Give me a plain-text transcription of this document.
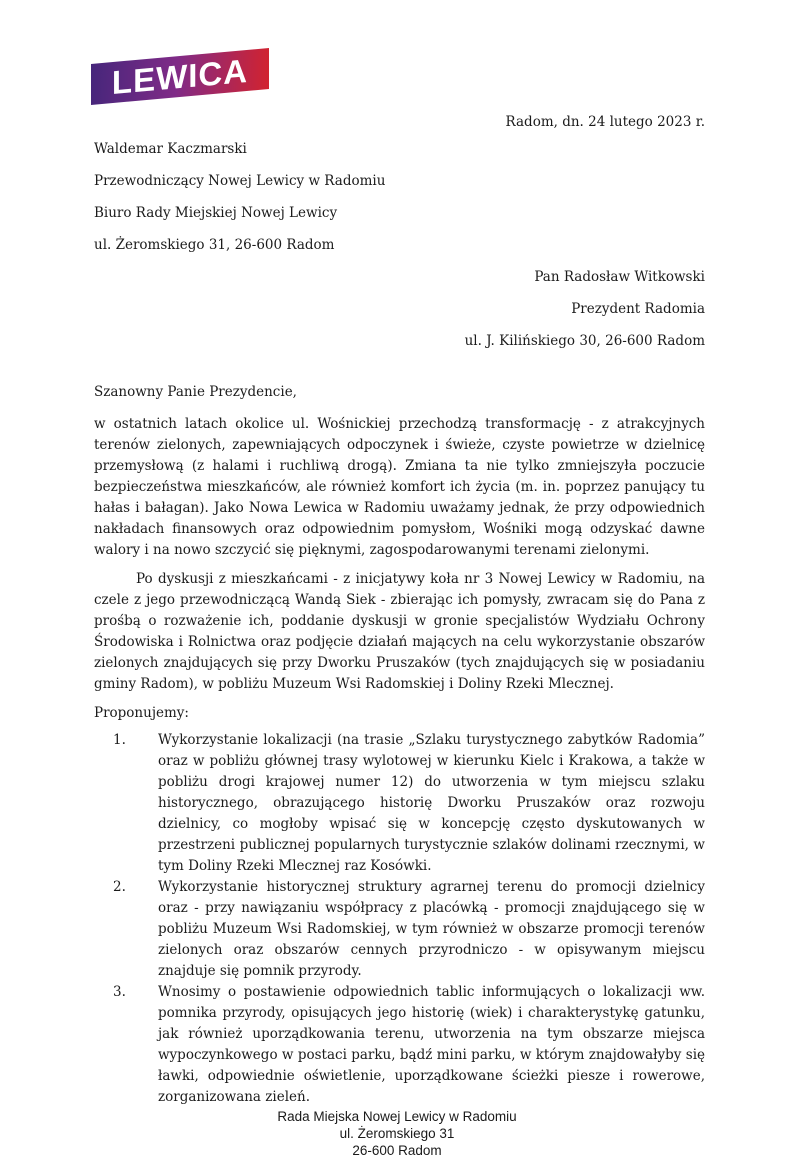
LEWICA

Radom, dn. 24 lutego 2023 r.

Waldemar Kaczmarski

Przewodniczący Nowej Lewicy w Radomiu

Biuro Rady Miejskiej Nowej Lewicy

ul. Żeromskiego 31, 26-600 Radom

Pan Radosław Witkowski

Prezydent Radomia

ul. J. Kilińskiego 30, 26-600 Radom

Szanowny Panie Prezydencie,

w ostatnich latach okolice ul. Wośnickiej przechodzą transformację - z atrakcyjnych terenów zielonych, zapewniających odpoczynek i świeże, czyste powietrze w dzielnicę przemysłową (z halami i ruchliwą drogą). Zmiana ta nie tylko zmniejszyła poczucie bezpieczeństwa mieszkańców, ale również komfort ich życia (m. in. poprzez panujący tu hałas i bałagan). Jako Nowa Lewica w Radomiu uważamy jednak, że przy odpowiednich nakładach finansowych oraz odpowiednim pomysłom, Wośniki mogą odzyskać dawne walory i na nowo szczycić się pięknymi, zagospodarowanymi terenami zielonymi.

Po dyskusji z mieszkańcami - z inicjatywy koła nr 3 Nowej Lewicy w Radomiu, na czele z jego przewodniczącą Wandą Siek - zbierając ich pomysły, zwracam się do Pana z prośbą o rozważenie ich, poddanie dyskusji w gronie specjalistów Wydziału Ochrony Środowiska i Rolnictwa oraz podjęcie działań mających na celu wykorzystanie obszarów zielonych znajdujących się przy Dworku Pruszaków (tych znajdujących się w posiadaniu gminy Radom), w pobliżu Muzeum Wsi Radomskiej i Doliny Rzeki Mlecznej.

Proponujemy:

1.	Wykorzystanie lokalizacji (na trasie „Szlaku turystycznego zabytków Radomia” oraz w pobliżu głównej trasy wylotowej w kierunku Kielc i Krakowa, a także w pobliżu drogi krajowej numer 12) do utworzenia w tym miejscu szlaku historycznego, obrazującego historię Dworku Pruszaków oraz rozwoju dzielnicy, co mogłoby wpisać się w koncepcję często dyskutowanych w przestrzeni publicznej popularnych turystycznie szlaków dolinami rzecznymi, w tym Doliny Rzeki Mlecznej raz Kosówki.
2.	Wykorzystanie historycznej struktury agrarnej terenu do promocji dzielnicy oraz - przy nawiązaniu współpracy z placówką - promocji znajdującego się w pobliżu Muzeum Wsi Radomskiej, w tym również w obszarze promocji terenów zielonych oraz obszarów cennych przyrodniczo - w opisywanym miejscu znajduje się pomnik przyrody.
3.	Wnosimy o postawienie odpowiednich tablic informujących o lokalizacji ww. pomnika przyrody, opisujących jego historię (wiek) i charakterystykę gatunku, jak również uporządkowania terenu, utworzenia na tym obszarze miejsca wypoczynkowego w postaci parku, bądź mini parku, w którym znajdowałyby się ławki, odpowiednie oświetlenie, uporządkowane ścieżki piesze i rowerowe, zorganizowana zieleń.

Rada Miejska Nowej Lewicy w Radomiu

ul. Żeromskiego 31

26-600 Radom
